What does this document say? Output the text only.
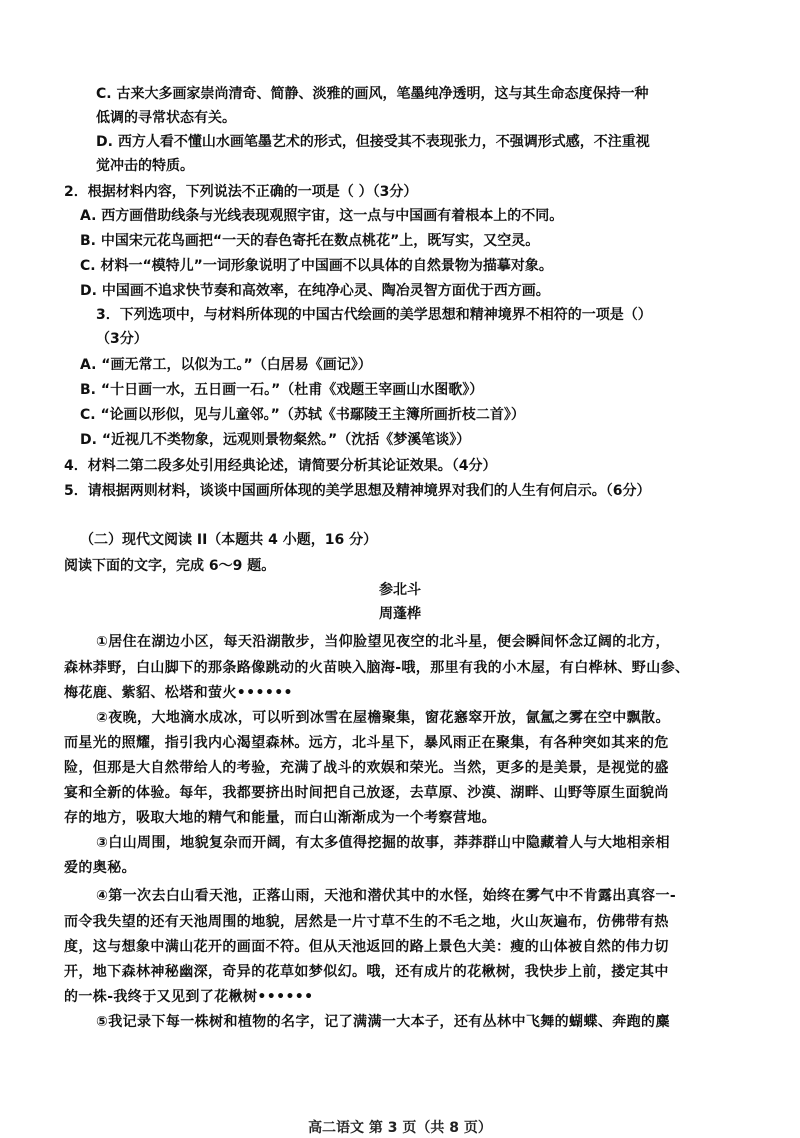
C. 古来大多画家崇尚清奇、简静、淡雅的画风，笔墨纯净透明，这与其生命态度保持一种
低调的寻常状态有关。
D. 西方人看不懂山水画笔墨艺术的形式，但接受其不表现张力，不强调形式感，不注重视
觉冲击的特质。
2．根据材料内容，下列说法不正确的一项是（ ）（3分）
A. 西方画借助线条与光线表现观照宇宙，这一点与中国画有着根本上的不同。
B. 中国宋元花鸟画把“一天的春色寄托在数点桃花”上，既写实，又空灵。
C. 材料一“模特儿”一词形象说明了中国画不以具体的自然景物为描摹对象。
D. 中国画不追求快节奏和高效率，在纯净心灵、陶冶灵智方面优于西方画。
3．下列选项中，与材料所体现的中国古代绘画的美学思想和精神境界不相符的一项是（）
（3分）
A. “画无常工，以似为工。”（白居易《画记》）
B. “十日画一水，五日画一石。”（杜甫《戏题王宰画山水图歌》）
C. “论画以形似，见与儿童邻。”（苏轼《书鄢陵王主簿所画折枝二首》）
D. “近视几不类物象，远观则景物粲然。”（沈括《梦溪笔谈》）
4．材料二第二段多处引用经典论述，请简要分析其论证效果。（4分）
5．请根据两则材料，谈谈中国画所体现的美学思想及精神境界对我们的人生有何启示。（6分）
（二）现代文阅读 II（本题共 4 小题，16 分）
阅读下面的文字，完成 6～9 题。
参北斗
周蓬桦
①居住在湖边小区，每天沿湖散步，当仰脸望见夜空的北斗星，便会瞬间怀念辽阔的北方，
森林莽野，白山脚下的那条路像跳动的火苗映入脑海-哦，那里有我的小木屋，有白桦林、野山参、
梅花鹿、紫貂、松塔和萤火••••••
②夜晚，大地滴水成冰，可以听到冰雪在屋檐聚集，窗花窸窣开放，氤氲之雾在空中飘散。
而星光的照耀，指引我内心渴望森林。远方，北斗星下，暴风雨正在聚集，有各种突如其来的危
险，但那是大自然带给人的考验，充满了战斗的欢娱和荣光。当然，更多的是美景，是视觉的盛
宴和全新的体验。每年，我都要挤出时间把自己放逐，去草原、沙漠、湖畔、山野等原生面貌尚
存的地方，吸取大地的精气和能量，而白山渐渐成为一个考察营地。
③白山周围，地貌复杂而开阔，有太多值得挖掘的故事，莽莽群山中隐藏着人与大地相亲相
爱的奥秘。
④第一次去白山看天池，正落山雨，天池和潜伏其中的水怪，始终在雾气中不肯露出真容一-
而令我失望的还有天池周围的地貌，居然是一片寸草不生的不毛之地，火山灰遍布，仿佛带有热
度，这与想象中满山花开的画面不符。但从天池返回的路上景色大美：瘦的山体被自然的伟力切
开，地下森林神秘幽深，奇异的花草如梦似幻。哦，还有成片的花楸树，我快步上前，搂定其中
的一株-我终于又见到了花楸树••••••
⑤我记录下每一株树和植物的名字，记了满满一大本子，还有丛林中飞舞的蝴蝶、奔跑的麋
高二语文 第 3 页（共 8 页）
